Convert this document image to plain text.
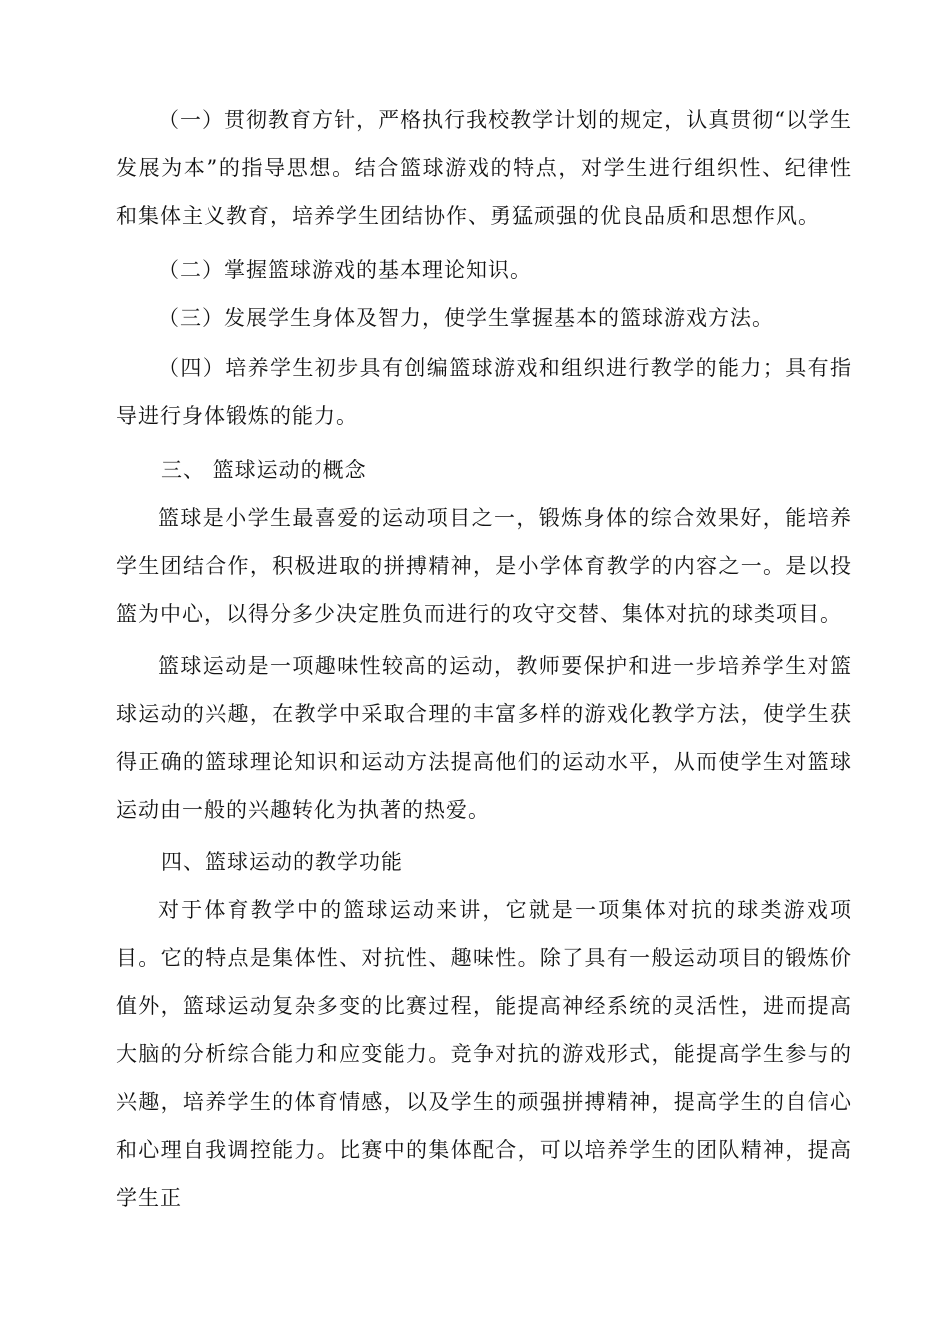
（一）贯彻教育方针，严格执行我校教学计划的规定，认真贯彻“以学生发展为本”的指导思想。结合篮球游戏的特点，对学生进行组织性、纪律性和集体主义教育，培养学生团结协作、勇猛顽强的优良品质和思想作风。

（二）掌握篮球游戏的基本理论知识。

（三）发展学生身体及智力，使学生掌握基本的篮球游戏方法。

（四）培养学生初步具有创编篮球游戏和组织进行教学的能力；具有指导进行身体锻炼的能力。

三、 篮球运动的概念

篮球是小学生最喜爱的运动项目之一，锻炼身体的综合效果好，能培养学生团结合作，积极进取的拼搏精神，是小学体育教学的内容之一。是以投篮为中心，以得分多少决定胜负而进行的攻守交替、集体对抗的球类项目。

篮球运动是一项趣味性较高的运动，教师要保护和进一步培养学生对篮球运动的兴趣，在教学中采取合理的丰富多样的游戏化教学方法，使学生获得正确的篮球理论知识和运动方法提高他们的运动水平，从而使学生对篮球运动由一般的兴趣转化为执著的热爱。

四、篮球运动的教学功能

对于体育教学中的篮球运动来讲，它就是一项集体对抗的球类游戏项目。它的特点是集体性、对抗性、趣味性。除了具有一般运动项目的锻炼价值外，篮球运动复杂多变的比赛过程，能提高神经系统的灵活性，进而提高大脑的分析综合能力和应变能力。竞争对抗的游戏形式，能提高学生参与的兴趣，培养学生的体育情感，以及学生的顽强拼搏精神，提高学生的自信心和心理自我调控能力。比赛中的集体配合，可以培养学生的团队精神，提高学生正
